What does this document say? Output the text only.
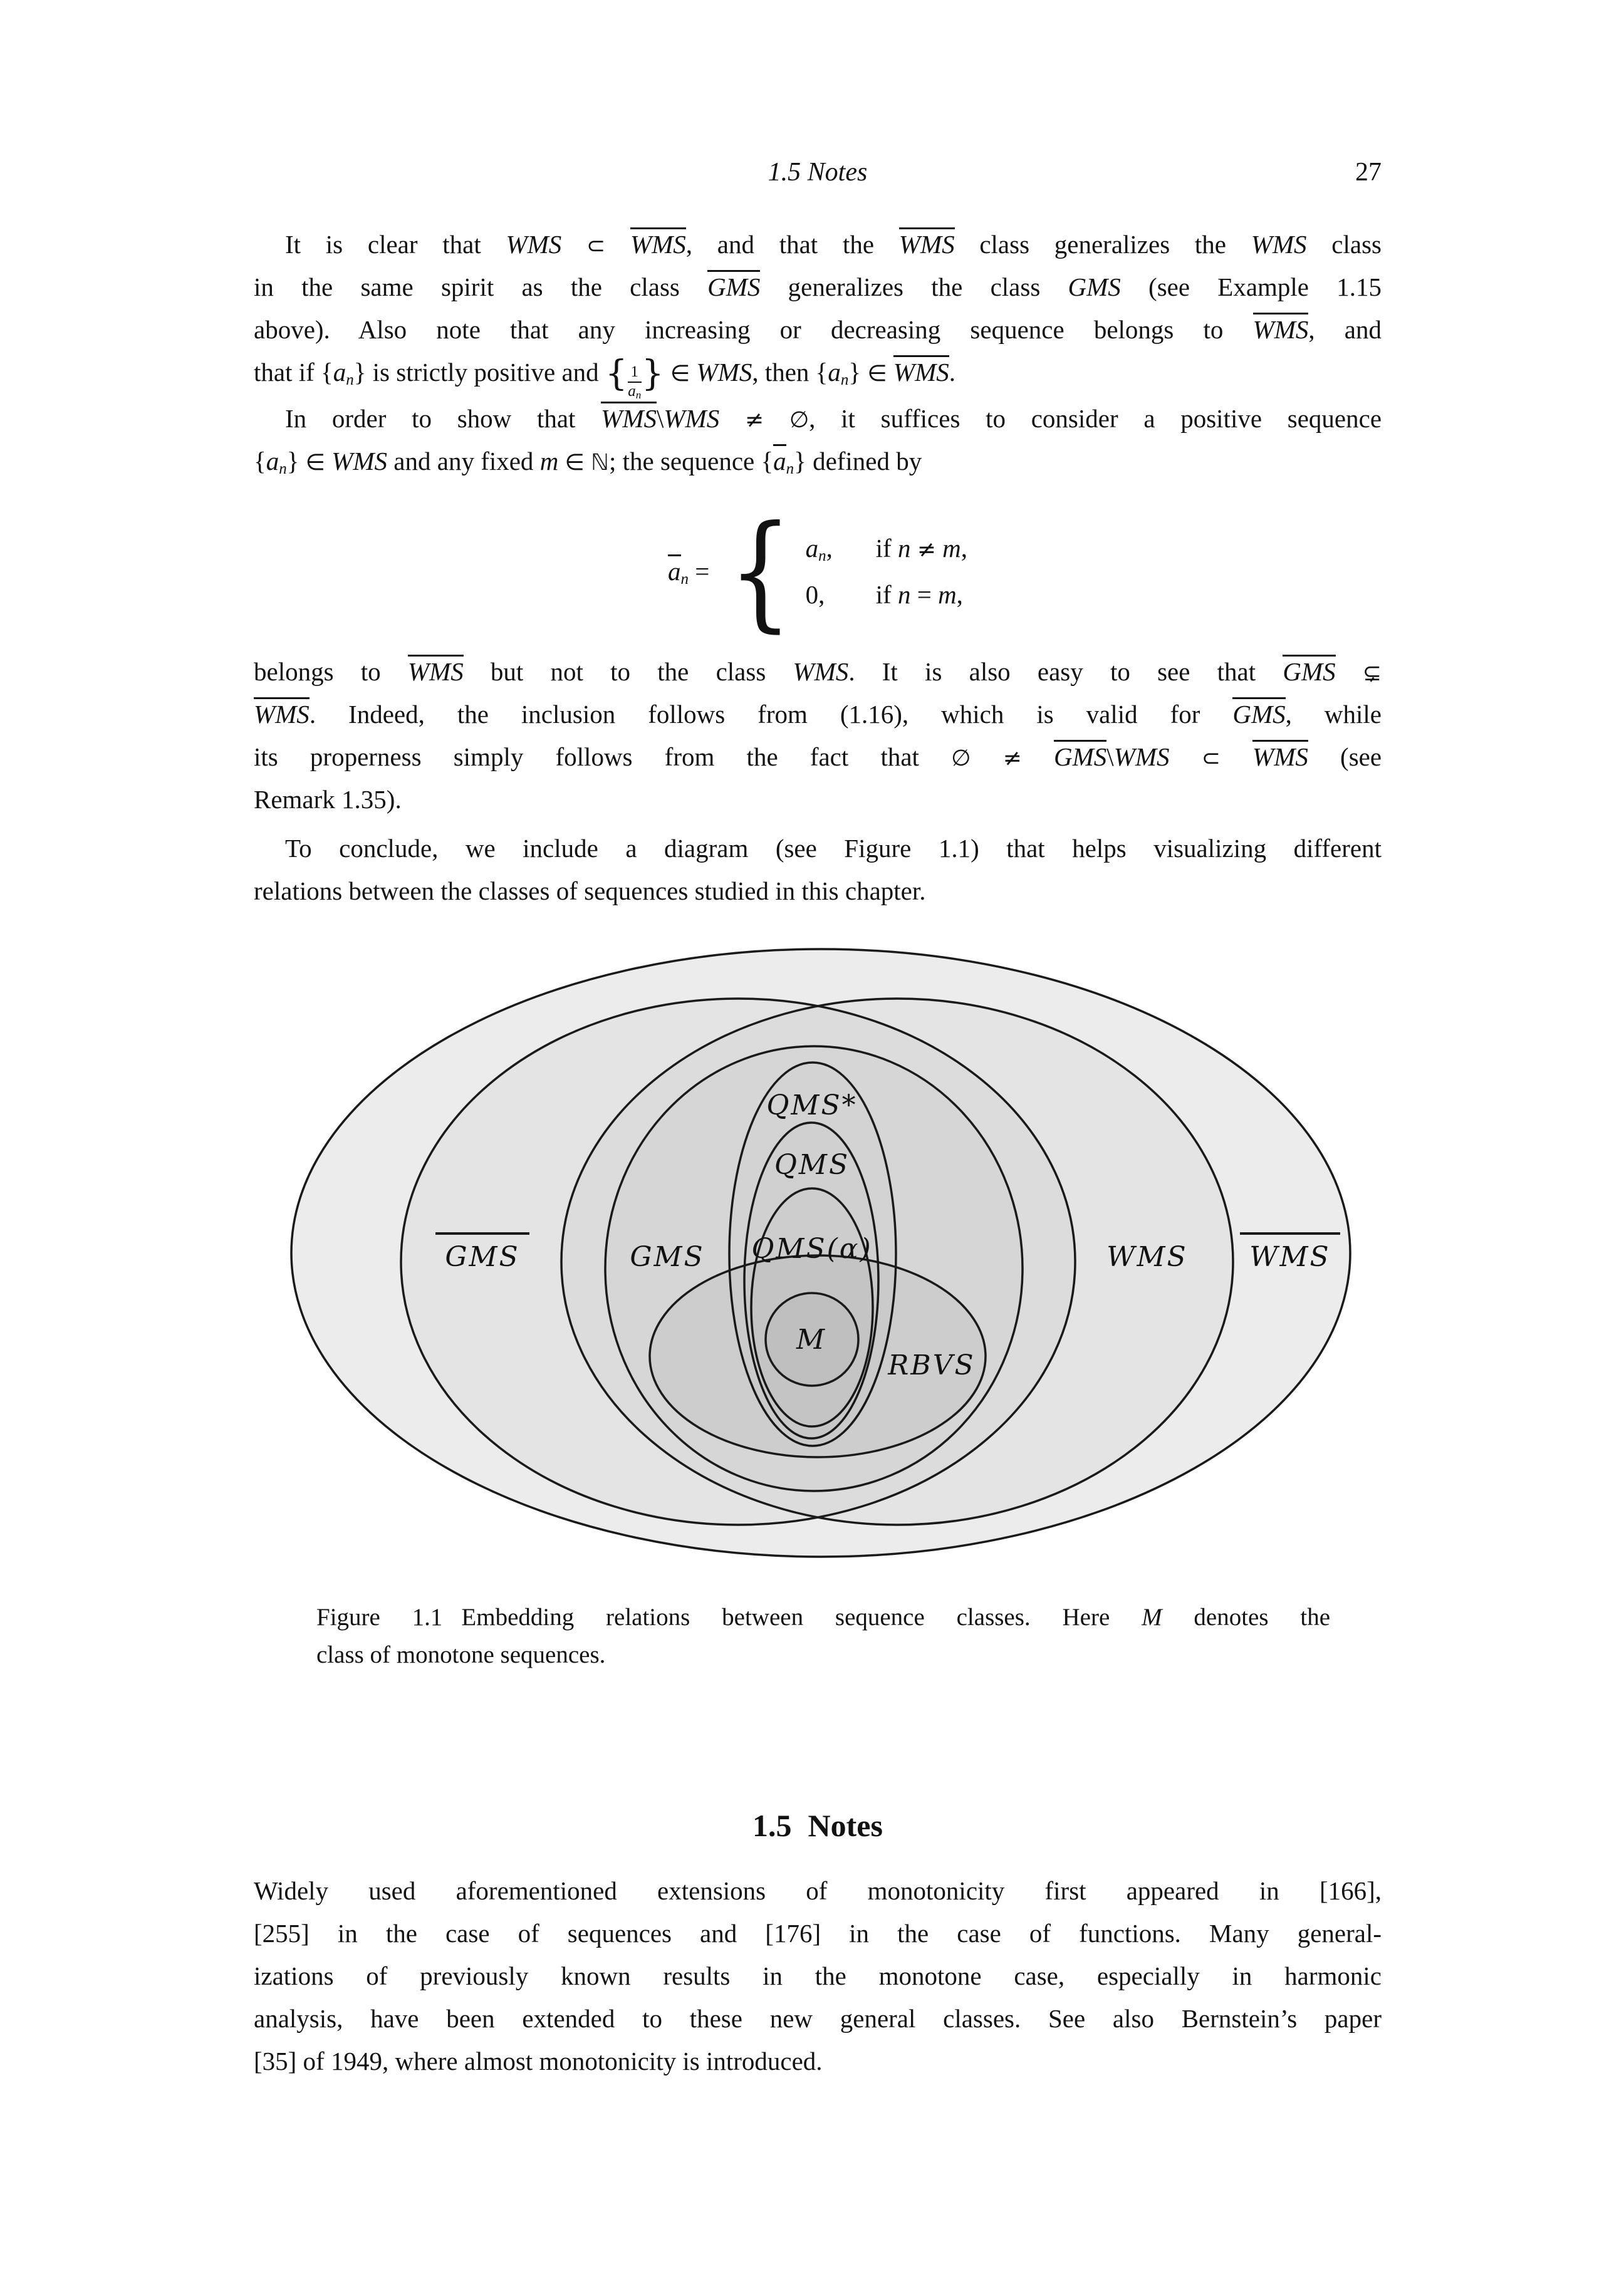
1.5 Notes	27
It is clear that WMS ⊂ WMS, and that the WMS class generalizes the WMS class
in the same spirit as the class GMS generalizes the class GMS (see Example 1.15
above). Also note that any increasing or decreasing sequence belongs to WMS, and
that if {an} is strictly positive and { $\frac{1}{an}$ } ∈ WMS, then {an} ∈ WMS.
In order to show that WMS\WMS ≠ ∅, it suffices to consider a positive sequence
{an} ∈ WMS and any fixed m ∈ ℕ; the sequence {an} defined by
an = { an,	if n ≠ m,
0,	if n = m,
belongs to WMS but not to the class WMS. It is also easy to see that GMS ⊊
WMS. Indeed, the inclusion follows from (1.16), which is valid for GMS, while
its properness simply follows from the fact that ∅ ≠ GMS\WMS ⊂ WMS (see
Remark 1.35).
To conclude, we include a diagram (see Figure 1.1) that helps visualizing different
relations between the classes of sequences studied in this chapter.
GMS	GMS
QMS*
QMS
QMS(α)
M
RBVS
WMS WMS
Figure 1.1 Embedding relations between sequence classes. Here M denotes the
class of monotone sequences.
1.5 Notes
Widely used aforementioned extensions of monotonicity first appeared in [166],
[255] in the case of sequences and [176] in the case of functions. Many general-
izations of previously known results in the monotone case, especially in harmonic
analysis, have been extended to these new general classes. See also Bernstein’s paper
[35] of 1949, where almost monotonicity is introduced.
